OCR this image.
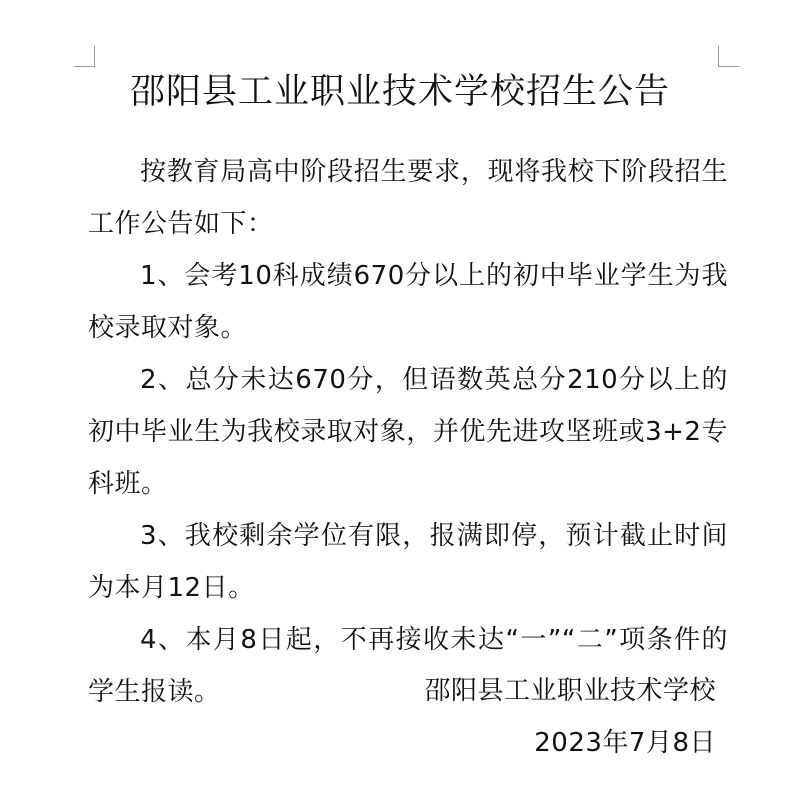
邵阳县工业职业技术学校招生公告

按教育局高中阶段招生要求，现将我校下阶段招生工作公告如下：

1、会考10科成绩670分以上的初中毕业学生为我校录取对象。

2、总分未达670分，但语数英总分210分以上的初中毕业生为我校录取对象，并优先进攻坚班或3+2专科班。

3、我校剩余学位有限，报满即停，预计截止时间为本月12日。

4、本月8日起，不再接收未达“一”“二”项条件的学生报读。	邵阳县工业职业技术学校
2023年7月8日
